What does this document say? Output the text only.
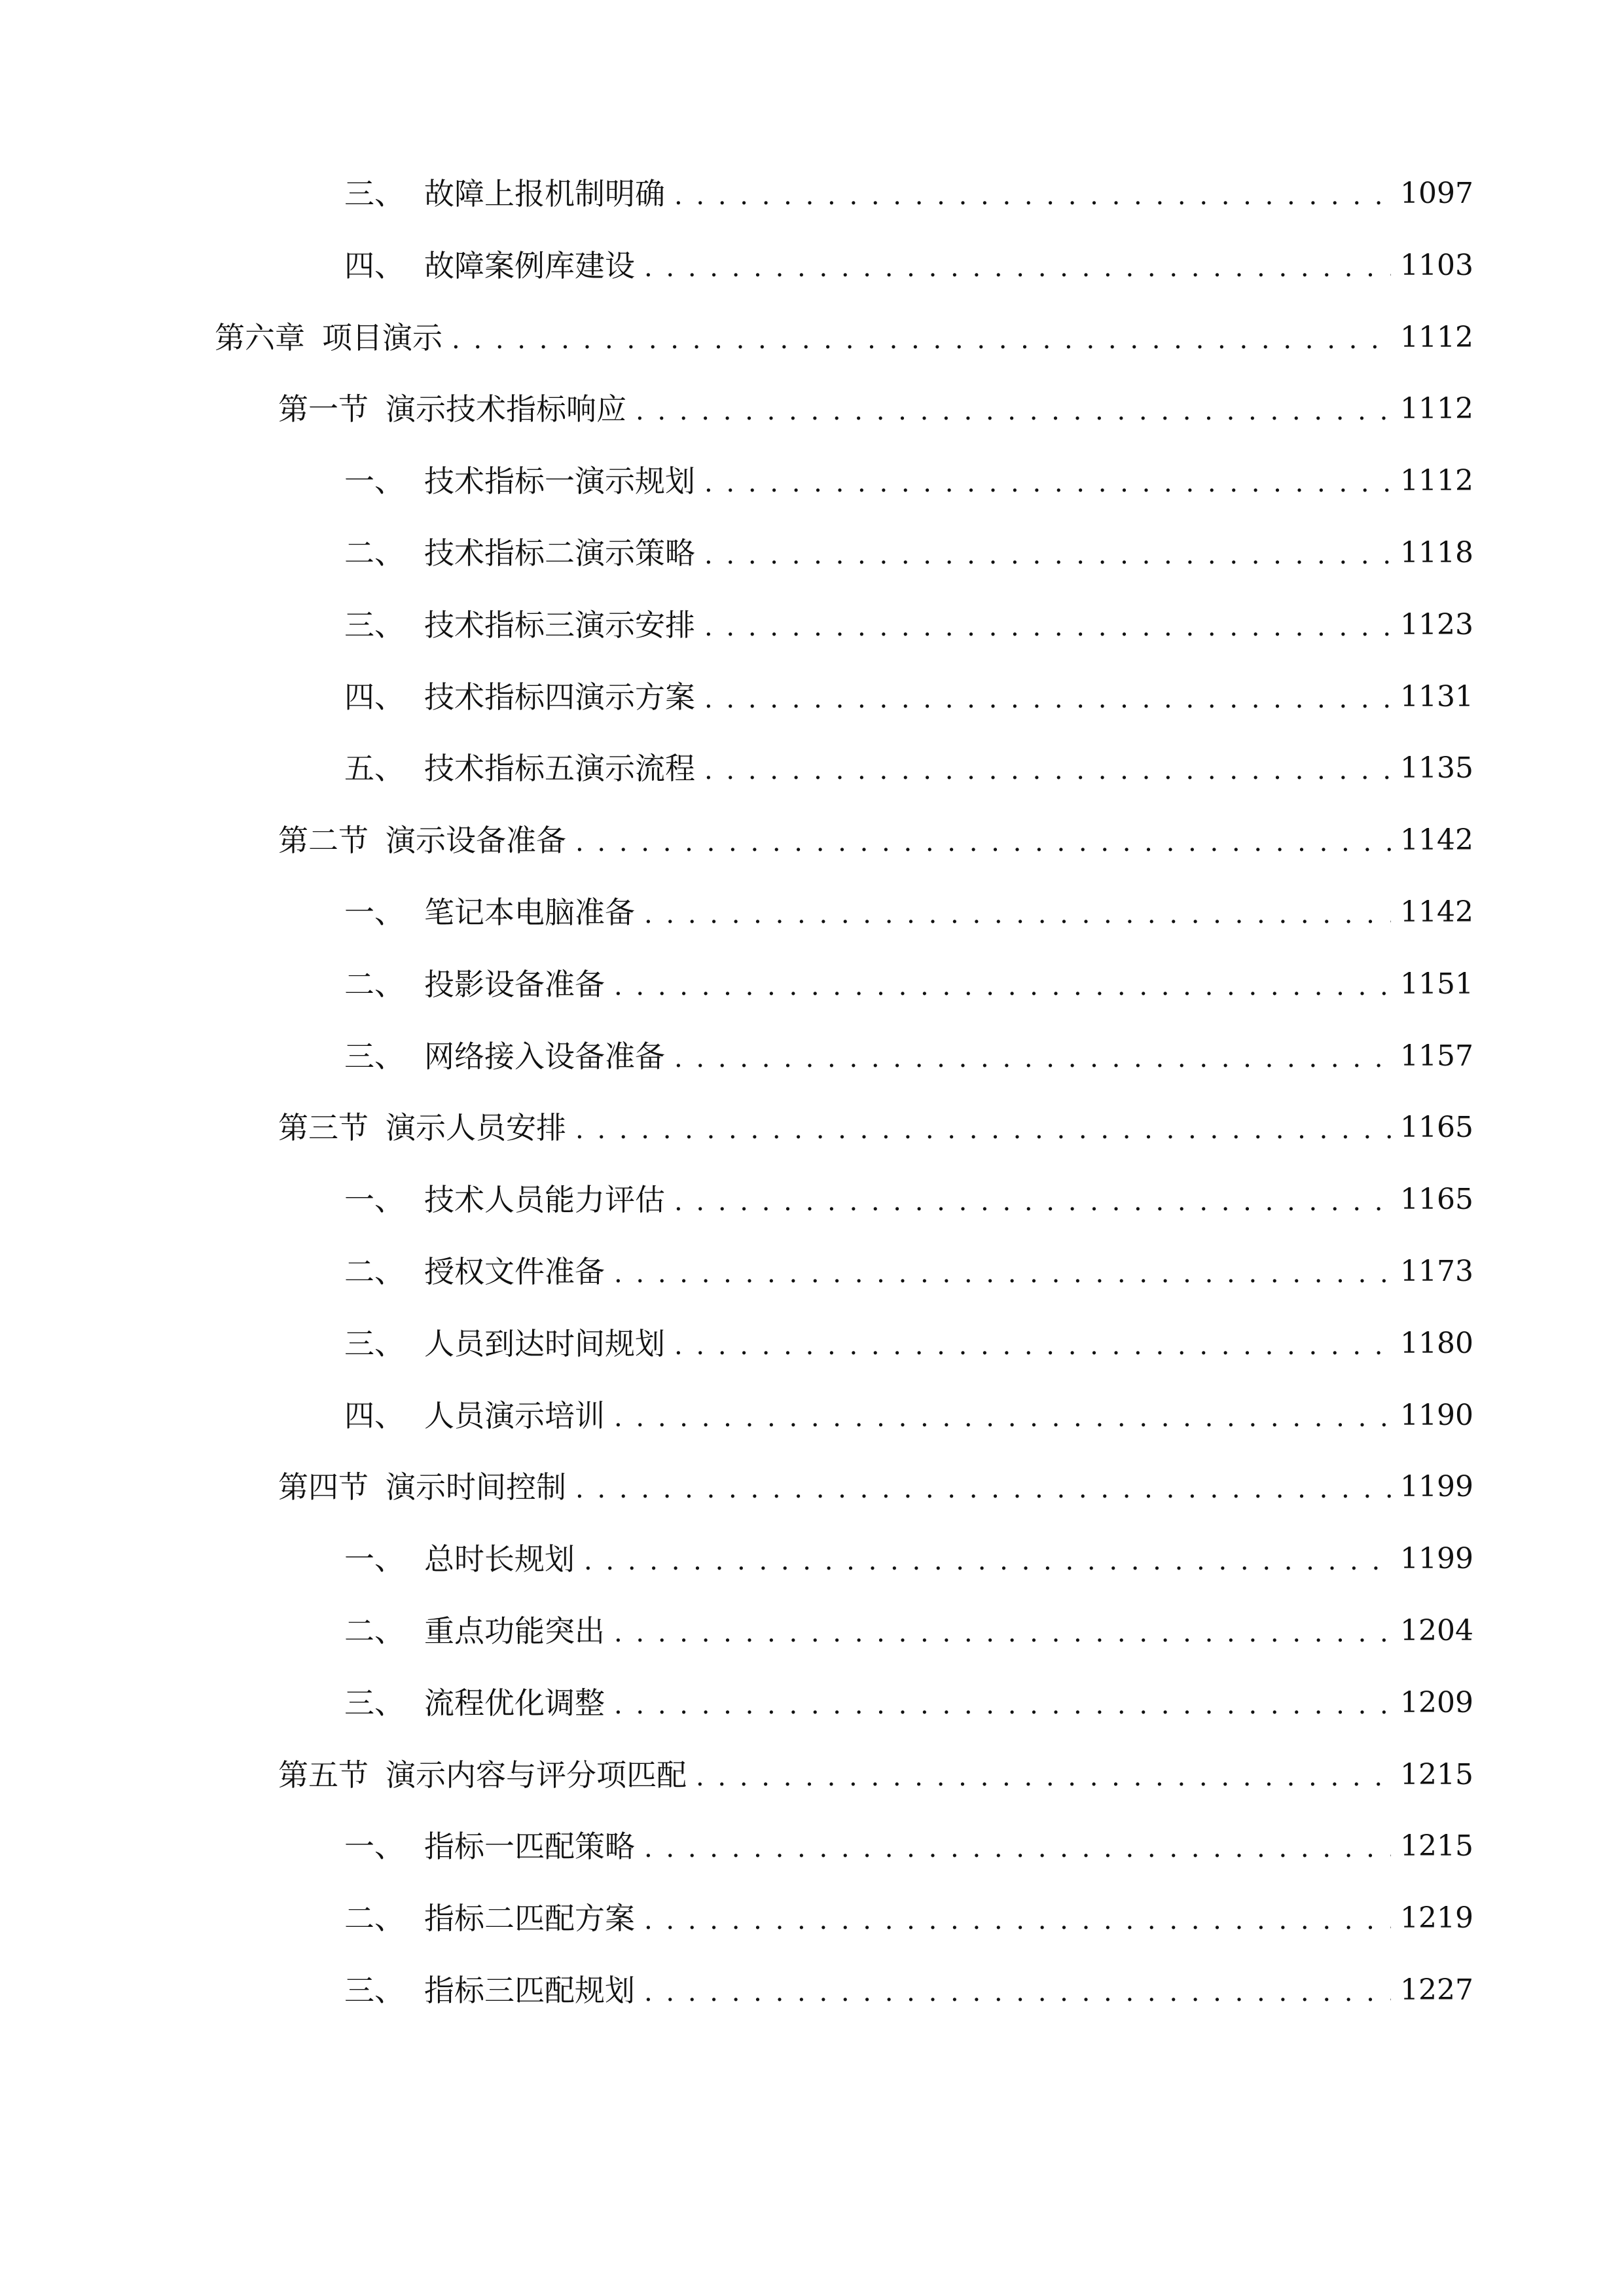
三、 故障上报机制明确 . . .	1097
四、 故障案例库建设 . . .	1103
第六章 项目演示 . . .	1112
第一节 演示技术指标响应 . . .	1112
一、 技术指标一演示规划 . . .	1112
二、 技术指标二演示策略 . . .	1118
三、 技术指标三演示安排 . . .	1123
四、 技术指标四演示方案 . . .	1131
五、 技术指标五演示流程 . . .	1135
第二节 演示设备准备 . . .	1142
一、 笔记本电脑准备 . . .	1142
二、 投影设备准备 . . .	1151
三、 网络接入设备准备 . . .	1157
第三节 演示人员安排 . . .	1165
一、 技术人员能力评估 . . .	1165
二、 授权文件准备 . . .	1173
三、 人员到达时间规划 . . .	1180
四、 人员演示培训 . . .	1190
第四节 演示时间控制 . . .	1199
一、 总时长规划 . . .	1199
二、 重点功能突出 . . .	1204
三、 流程优化调整 . . .	1209
第五节 演示内容与评分项匹配 . . .	1215
一、 指标一匹配策略 . . .	1215
二、 指标二匹配方案 . . .	1219
三、 指标三匹配规划 . . .	1227
